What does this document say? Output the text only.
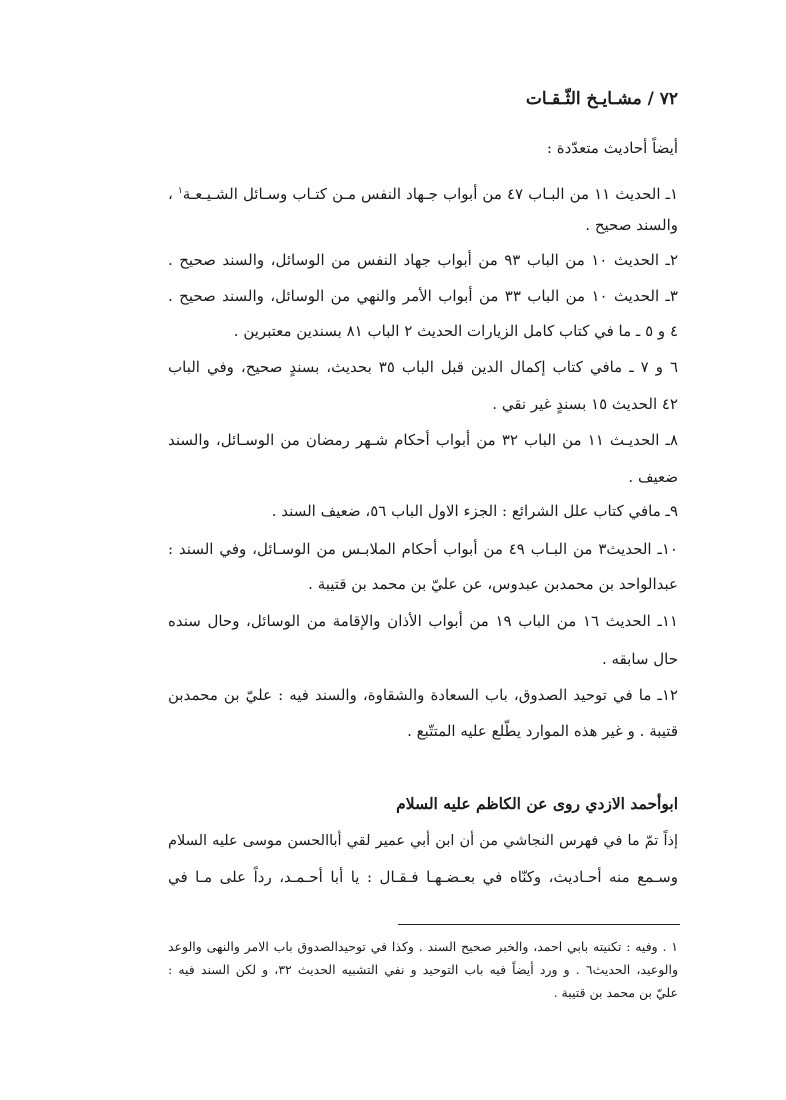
۷۲ / مشـايـخ الثّـقـات
أيضاً أحاديث متعدّدة :
١ـ الحديث ١١ من البـاب ٤٧ من أبواب جـهاد النفس مـن كتـاب وسـائل الشـيـعـة$^١$ ،
والسند صحيح .
٢ـ الحديث ١٠ من الباب ٩٣ من أبواب جهاد النفس من الوسائل، والسند صحيح .
٣ـ الحديث ١٠ من الباب ٣٣ من أبواب الأمر والنهي من الوسائل، والسند صحيح .
٤ و ٥ ـ ما في كتاب كامل الزيارات الحديث ٢ الباب ٨١ بسندين معتبرين .
٦ و ٧ ـ مافي كتاب إكمال الدين قبل الباب ٣٥ بحديث، بسندٍ صحيح، وفي الباب
٤٢ الحديث ١٥ بسندٍ غير نقي .
٨ـ الحديـث ١١ من الباب ٣٢ من أبواب أحكام شـهر رمضان من الوسـائل، والسند
ضعيف .
٩ـ مافي كتاب علل الشرائع : الجزء الاول الباب ٥٦، ضعيف السند .
١٠ـ الحديث٣ من البـاب ٤٩ من أبواب أحكام الملابـس من الوسـائل، وفي السند :
عبدالواحد بن محمدبن عبدوس، عن عليّ بن محمد بن قتيبة .
١١ـ الحديث ١٦ من الباب ١٩ من أبواب الأذان والإقامة من الوسائل، وحال سنده
حال سابقه .
١٢ـ ما في توحيد الصدوق، باب السعادة والشقاوة، والسند فيه : عليّ بن محمدبن
قتيبة . و غير هذه الموارد يطّلع عليه المتتّبع .
ابوأحمد الازدي روى عن الكاظم عليه السلام
إذاً تمّ ما في فهرس النجاشي من أن ابن أبي عمير لقي أباالحسن موسى عليه السلام
وسـمع منه أحـاديث، وكنّاه في بعـضـهـا فـقـال : يا أبا أحـمـد، رداً على مـا في
١ . وفيه : تكنيته بابي احمد، والخبر صحيح السند . وكذا في توحيدالصدوق باب الامر والنهى والوعد
والوعيد، الحديث٦ . و ورد أيضاً فيه باب التوحيد و نفي التشبيه الحديث ٣٢، و لكن السند فيه :
عليّ بن محمد بن قتيبة .
